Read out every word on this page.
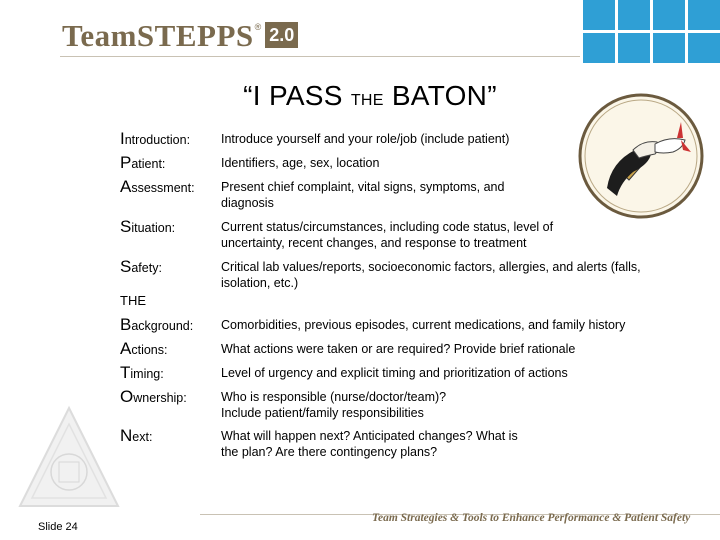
TeamSTEPPS ® 2.0
“I PASS THE BATON”
Introduction:	Introduce yourself and your role/job (include patient)
Patient:	Identifiers, age, sex, location
Assessment:	Present chief complaint, vital signs, symptoms, and diagnosis
Situation:	Current status/circumstances, including code status, level of uncertainty, recent changes, and response to treatment
Safety:	Critical lab values/reports, socioeconomic factors, allergies, and alerts (falls, isolation, etc.)
THE
Background:	Comorbidities, previous episodes, current medications, and family history
Actions:	What actions were taken or are required? Provide brief rationale
Timing:	Level of urgency and explicit timing and prioritization of actions
Ownership:	Who is responsible (nurse/doctor/team)? Include patient/family responsibilities
Next:	What will happen next? Anticipated changes? What is the plan? Are there contingency plans?
Team Strategies & Tools to Enhance Performance & Patient Safety
Slide 24
